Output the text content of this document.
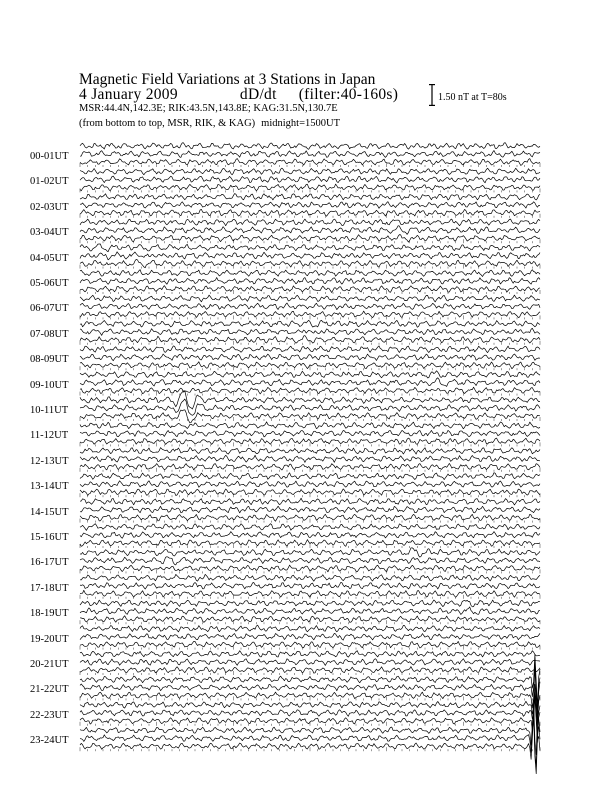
Magnetic Field Variations at 3 Stations in Japan
4 January 2009	dD/dt (filter:40-160s)
MSR:44.4N,142.3E; RIK:43.5N,143.8E; KAG:31.5N,130.7E
(from bottom to top, MSR, RIK, & KAG) midnight=1500UT
1.50 nT at T=80s
00-01UT
01-02UT
02-03UT
03-04UT
04-05UT
05-06UT
06-07UT
07-08UT
08-09UT
09-10UT
10-11UT
11-12UT
12-13UT
13-14UT
14-15UT
15-16UT
16-17UT
17-18UT
18-19UT
19-20UT
20-21UT
21-22UT
22-23UT
23-24UT
